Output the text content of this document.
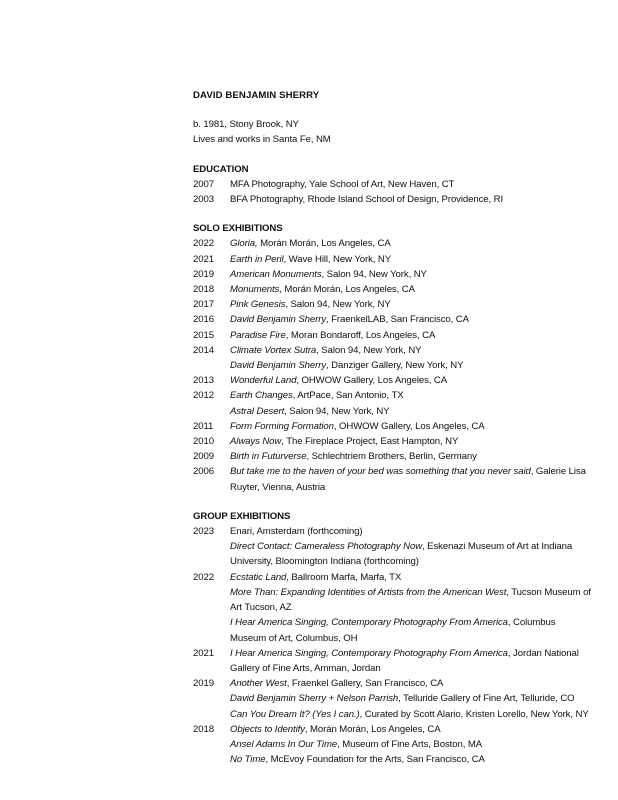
DAVID BENJAMIN SHERRY
b. 1981, Stony Brook, NY
Lives and works in Santa Fe, NM
EDUCATION
2007	MFA Photography, Yale School of Art, New Haven, CT
2003	BFA Photography, Rhode Island School of Design, Providence, RI
SOLO EXHIBITIONS
2022	Gloria, Morán Morán, Los Angeles, CA
2021	Earth in Peril, Wave Hill, New York, NY
2019	American Monuments, Salon 94, New York, NY
2018	Monuments, Morán Morán, Los Angeles, CA
2017	Pink Genesis, Salon 94, New York, NY
2016	David Benjamin Sherry, FraenkelLAB, San Francisco, CA
2015	Paradise Fire, Moran Bondaroff, Los Angeles, CA
2014	Climate Vortex Sutra, Salon 94, New York, NY
David Benjamin Sherry, Danziger Gallery, New York, NY
2013	Wonderful Land, OHWOW Gallery, Los Angeles, CA
2012	Earth Changes, ArtPace, San Antonio, TX
Astral Desert, Salon 94, New York, NY
2011	Form Forming Formation, OHWOW Gallery, Los Angeles, CA
2010	Always Now, The Fireplace Project, East Hampton, NY
2009	Birth in Futurverse, Schlechtriem Brothers, Berlin, Germany
2006	But take me to the haven of your bed was something that you never said, Galerie Lisa Ruyter, Vienna, Austria
GROUP EXHIBITIONS
2023	Enari, Amsterdam (forthcoming)
Direct Contact: Cameraless Photography Now, Eskenazi Museum of Art at Indiana University, Bloomington Indiana (forthcoming)
2022	Ecstatic Land, Ballroom Marfa, Marfa, TX
More Than: Expanding Identities of Artists from the American West, Tucson Museum of Art Tucson, AZ
I Hear America Singing, Contemporary Photography From America, Columbus Museum of Art, Columbus, OH
2021	I Hear America Singing, Contemporary Photography From America, Jordan National Gallery of Fine Arts, Amman, Jordan
2019	Another West, Fraenkel Gallery, San Francisco, CA
David Benjamin Sherry + Nelson Parrish, Telluride Gallery of Fine Art, Telluride, CO
Can You Dream It? (Yes I can.), Curated by Scott Alario, Kristen Lorello, New York, NY
2018	Objects to Identify, Morán Morán, Los Angeles, CA
Ansel Adams In Our Time, Museum of Fine Arts, Boston, MA
No Time, McEvoy Foundation for the Arts, San Francisco, CA
